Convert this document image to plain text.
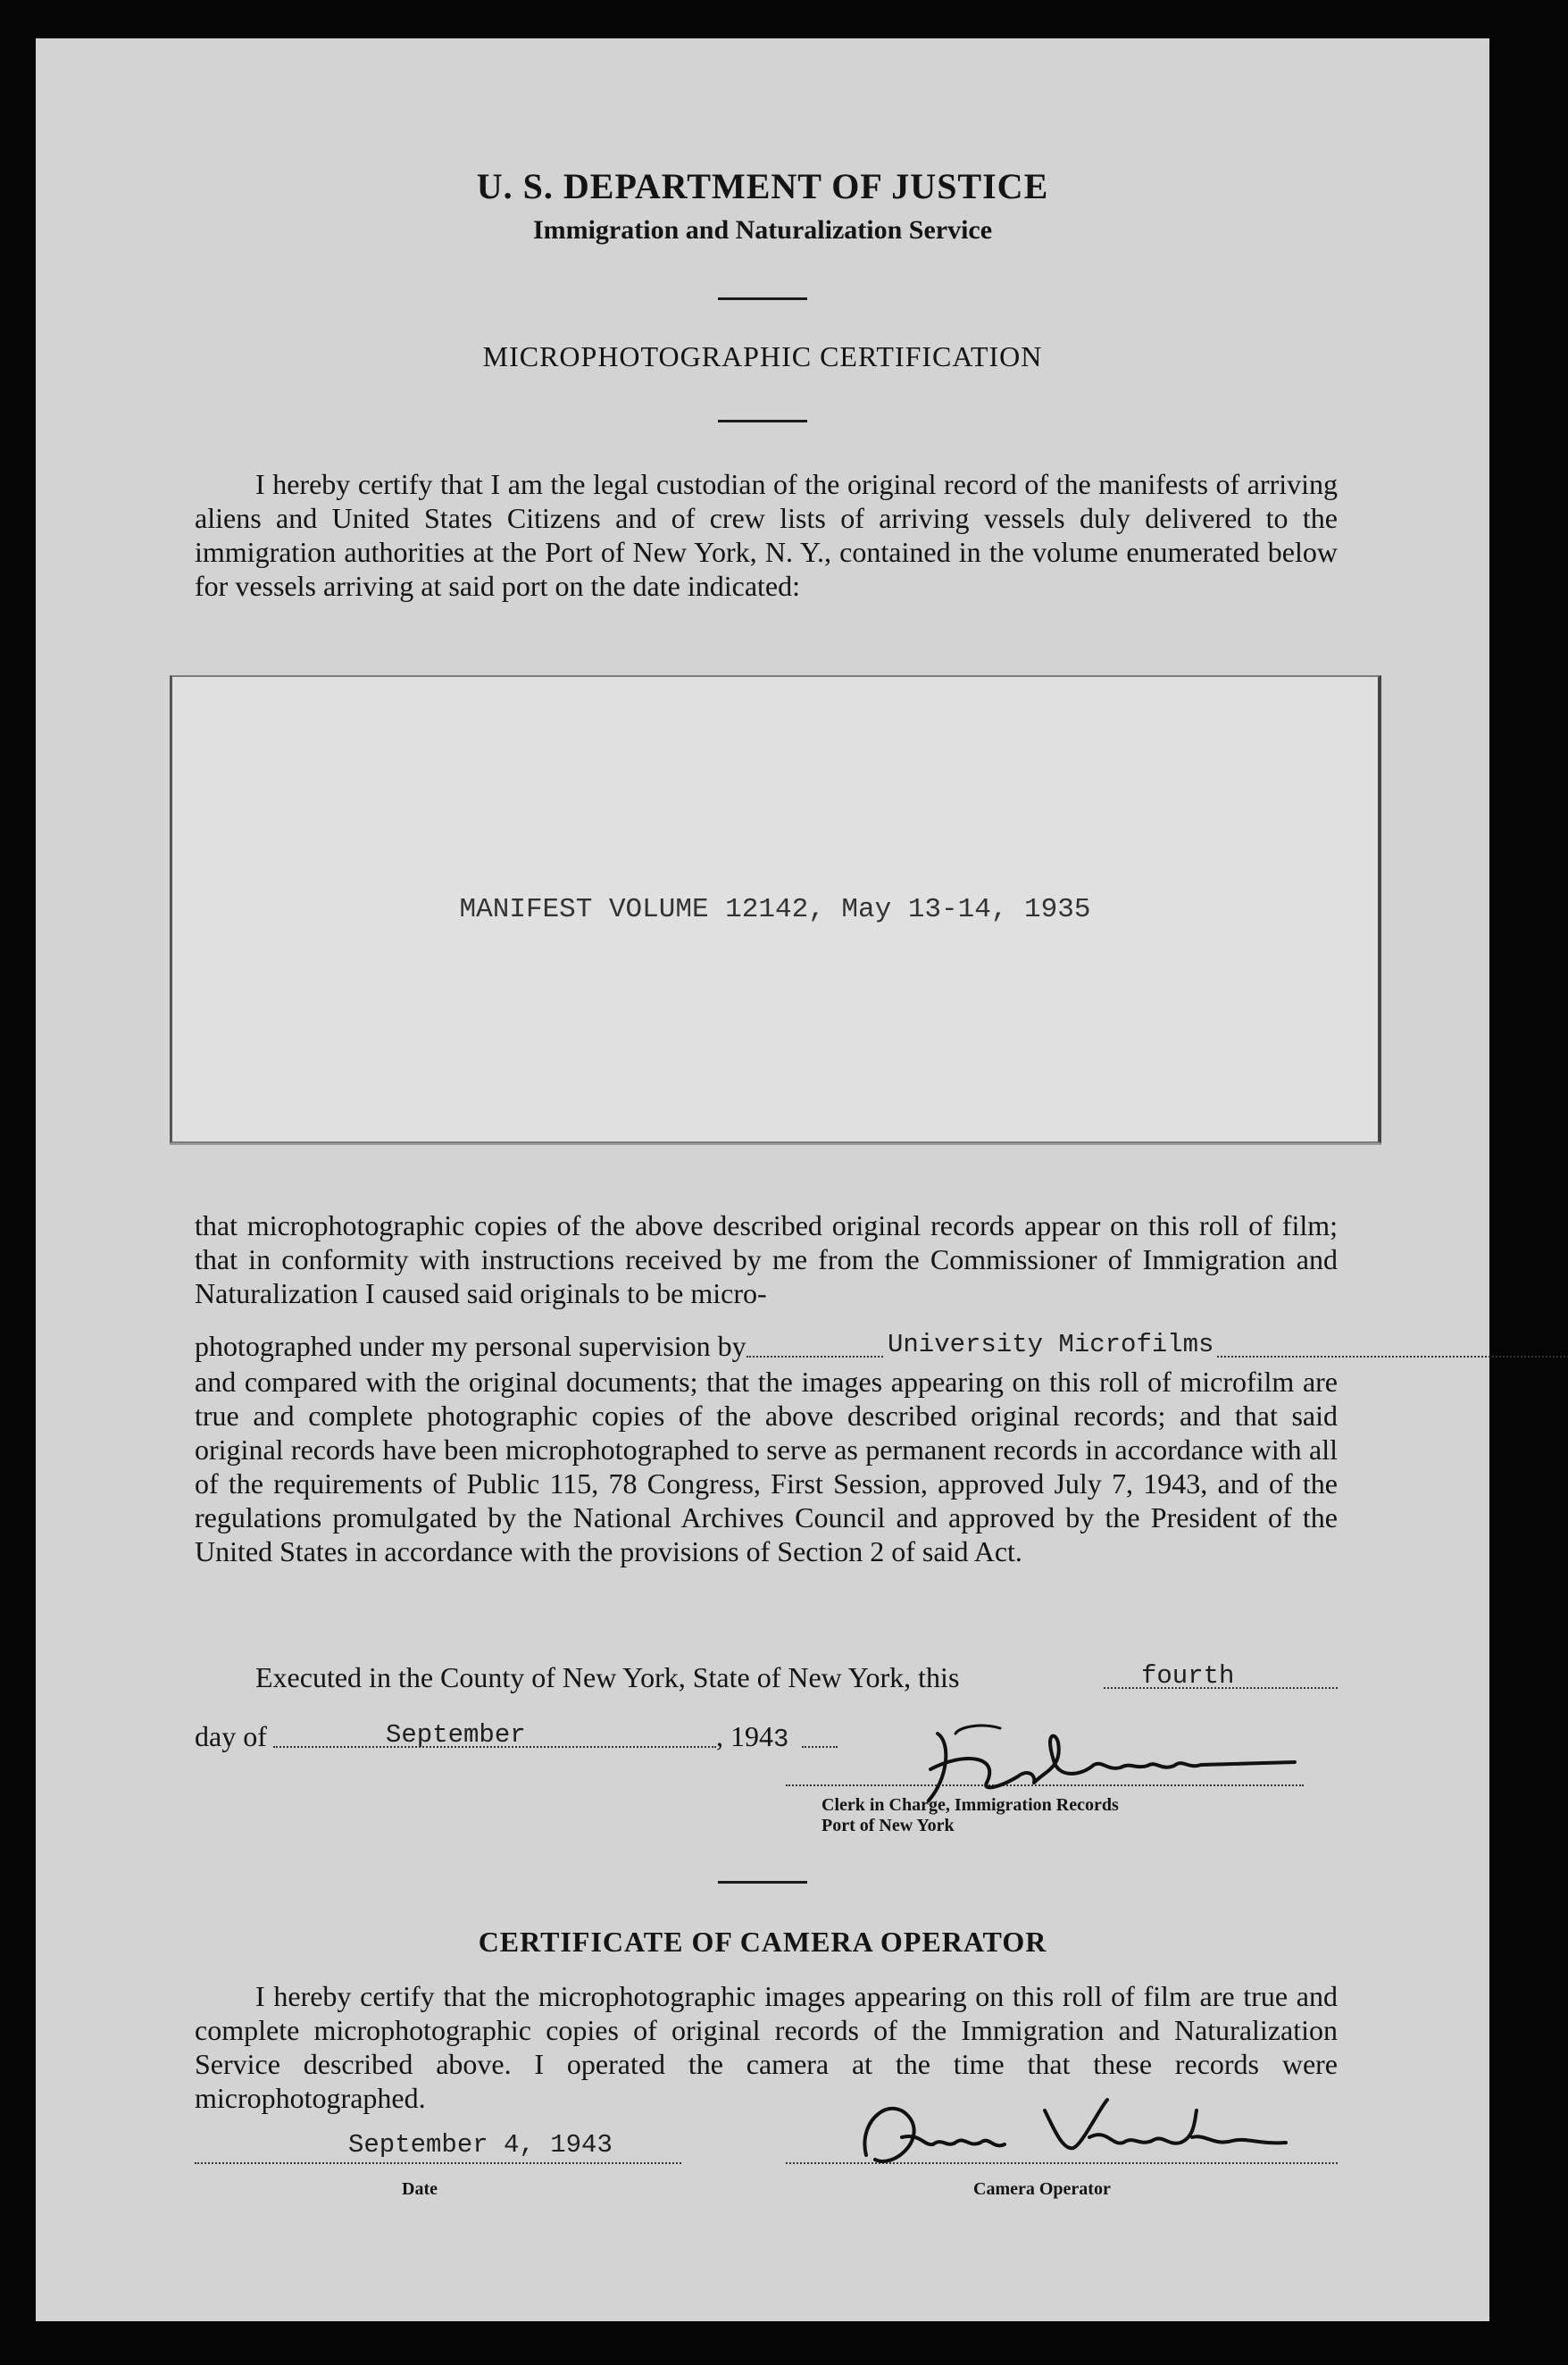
U. S. DEPARTMENT OF JUSTICE
Immigration and Naturalization Service
MICROPHOTOGRAPHIC CERTIFICATION
I hereby certify that I am the legal custodian of the original record of the manifests of arriving aliens and United States Citizens and of crew lists of arriving vessels duly delivered to the immigration authorities at the Port of New York, N. Y., contained in the volume enumerated below for vessels arriving at said port on the date indicated:
MANIFEST VOLUME 12142, May 13-14, 1935
that microphotographic copies of the above described original records appear on this roll of film; that in conformity with instructions received by me from the Commissioner of Immigration and Naturalization I caused said originals to be micro-
photographed under my personal supervision by	University Microfilms
and compared with the original documents; that the images appearing on this roll of microfilm are true and complete photographic copies of the above described original records; and that said original records have been microphotographed to serve as permanent records in accordance with all of the requirements of Public 115, 78 Congress, First Session, approved July 7, 1943, and of the regulations promulgated by the National Archives Council and approved by the President of the United States in accordance with the provisions of Section 2 of said Act.
Executed in the County of New York, State of New York, this	fourth
day of	September	, 1943
Clerk in Charge, Immigration Records
Port of New York
CERTIFICATE OF CAMERA OPERATOR
I hereby certify that the microphotographic images appearing on this roll of film are true and complete microphotographic copies of original records of the Immigration and Naturalization Service described above. I operated the camera at the time that these records were microphotographed.
September 4, 1943
Date	Camera Operator
